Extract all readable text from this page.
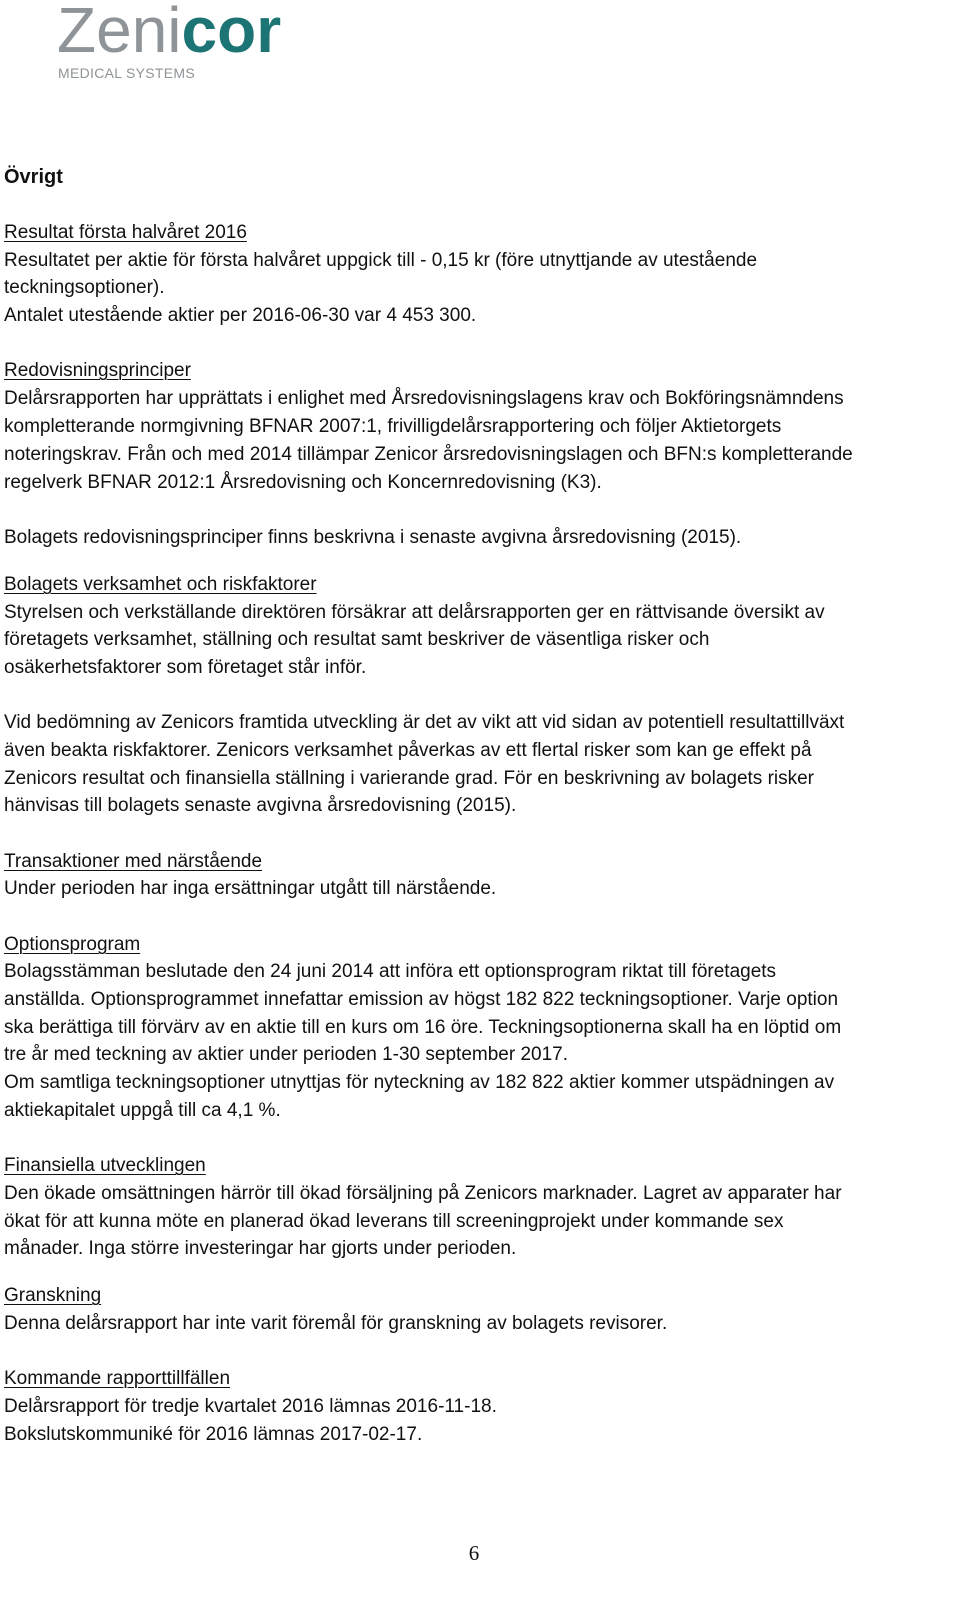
Zenicor
MEDICAL SYSTEMS
Övrigt
Resultat första halvåret 2016
Resultatet per aktie för första halvåret uppgick till - 0,15 kr (före utnyttjande av utestående
teckningsoptioner).
Antalet utestående aktier per 2016-06-30 var 4 453 300.
Redovisningsprinciper
Delårsrapporten har upprättats i enlighet med Årsredovisningslagens krav och Bokföringsnämndens
kompletterande normgivning BFNAR 2007:1, frivilligdelårsrapportering och följer Aktietorgets
noteringskrav. Från och med 2014 tillämpar Zenicor årsredovisningslagen och BFN:s kompletterande
regelverk BFNAR 2012:1 Årsredovisning och Koncernredovisning (K3).
Bolagets redovisningsprinciper finns beskrivna i senaste avgivna årsredovisning (2015).
Bolagets verksamhet och riskfaktorer
Styrelsen och verkställande direktören försäkrar att delårsrapporten ger en rättvisande översikt av
företagets verksamhet, ställning och resultat samt beskriver de väsentliga risker och
osäkerhetsfaktorer som företaget står inför.
Vid bedömning av Zenicors framtida utveckling är det av vikt att vid sidan av potentiell resultattillväxt
även beakta riskfaktorer. Zenicors verksamhet påverkas av ett flertal risker som kan ge effekt på
Zenicors resultat och finansiella ställning i varierande grad. För en beskrivning av bolagets risker
hänvisas till bolagets senaste avgivna årsredovisning (2015).
Transaktioner med närstående
Under perioden har inga ersättningar utgått till närstående.
Optionsprogram
Bolagsstämman beslutade den 24 juni 2014 att införa ett optionsprogram riktat till företagets
anställda. Optionsprogrammet innefattar emission av högst 182 822 teckningsoptioner. Varje option
ska berättiga till förvärv av en aktie till en kurs om 16 öre. Teckningsoptionerna skall ha en löptid om
tre år med teckning av aktier under perioden 1-30 september 2017.
Om samtliga teckningsoptioner utnyttjas för nyteckning av 182 822 aktier kommer utspädningen av
aktiekapitalet uppgå till ca 4,1 %.
Finansiella utvecklingen
Den ökade omsättningen härrör till ökad försäljning på Zenicors marknader. Lagret av apparater har
ökat för att kunna möte en planerad ökad leverans till screeningprojekt under kommande sex
månader. Inga större investeringar har gjorts under perioden.
Granskning
Denna delårsrapport har inte varit föremål för granskning av bolagets revisorer.
Kommande rapporttillfällen
Delårsrapport för tredje kvartalet 2016 lämnas 2016-11-18.
Bokslutskommuniké för 2016 lämnas 2017-02-17.
6
